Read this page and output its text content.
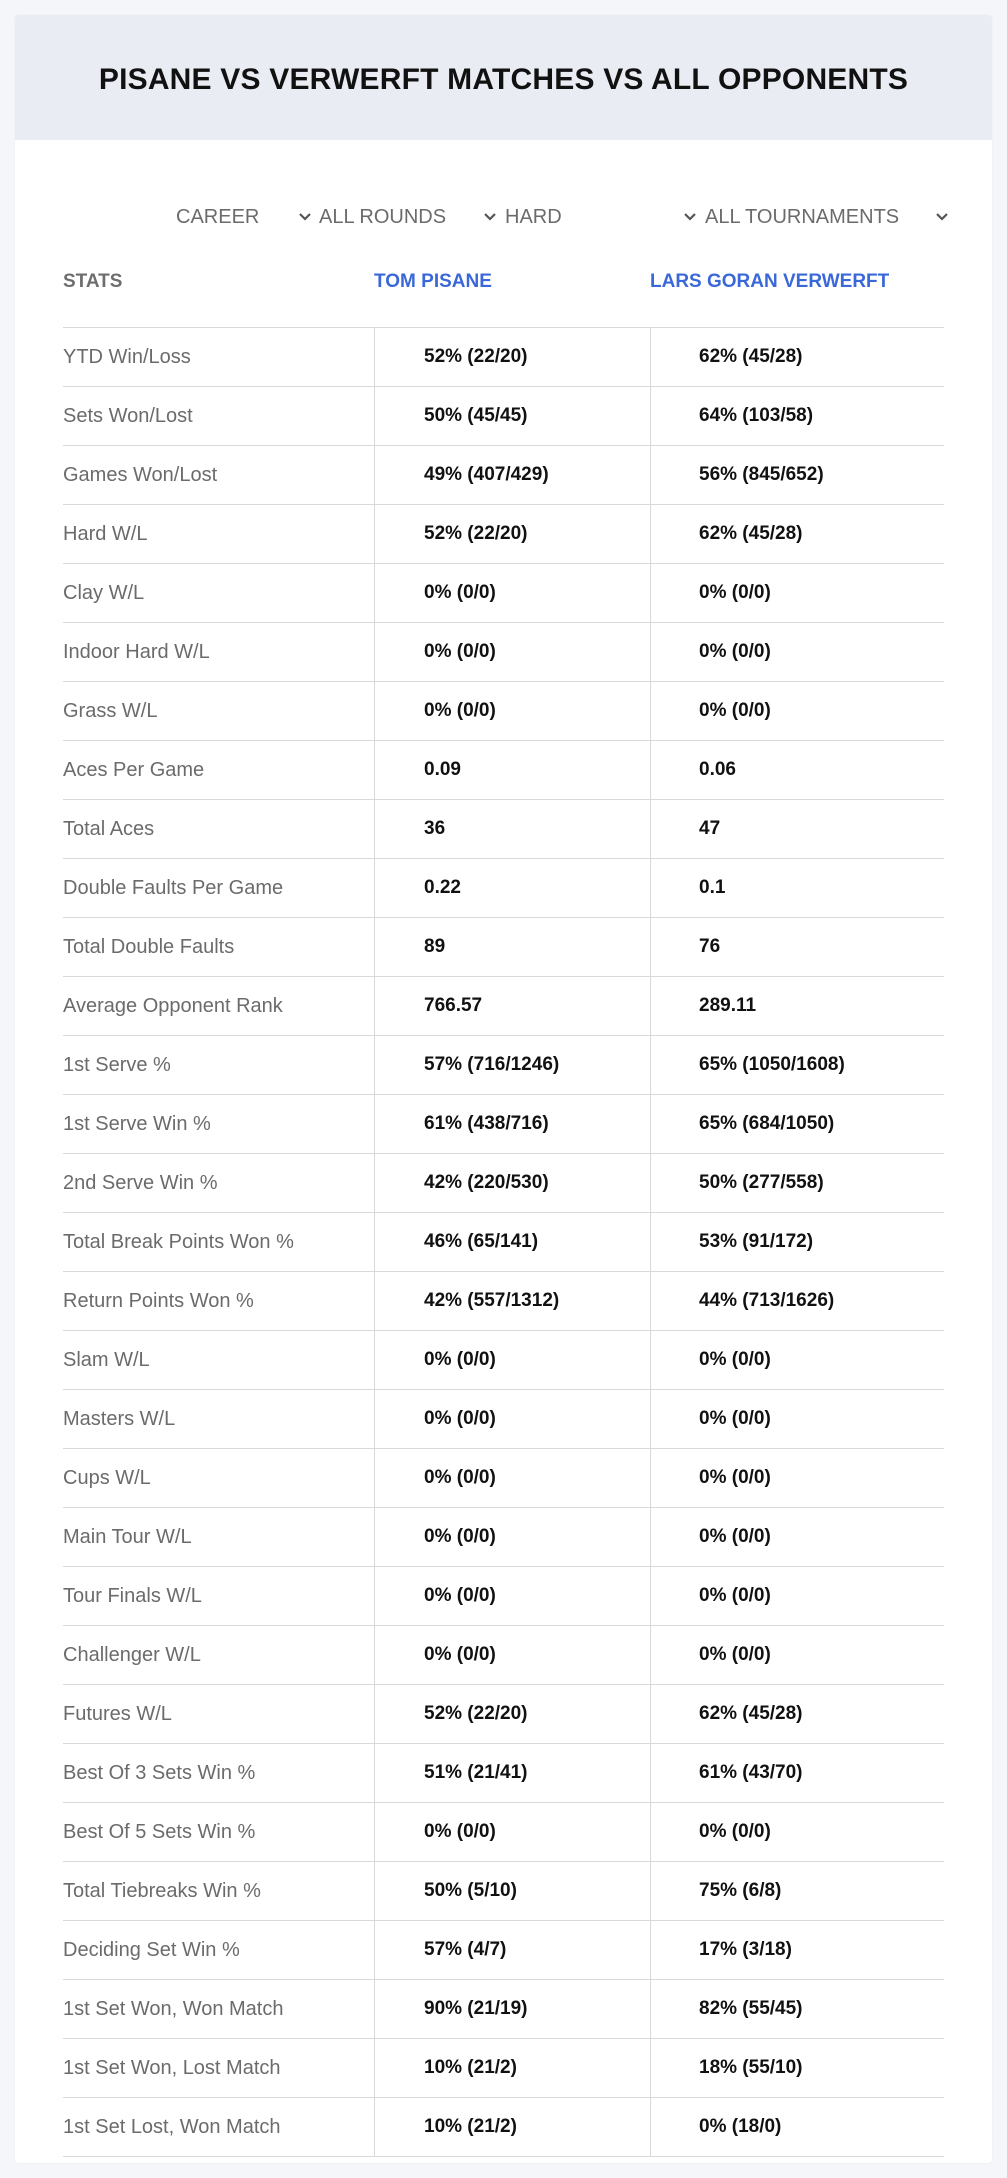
PISANE VS VERWERFT MATCHES VS ALL OPPONENTS
CAREER	ALL ROUNDS	HARD	ALL TOURNAMENTS
STATS	TOM PISANE	LARS GORAN VERWERFT
YTD Win/Loss	52% (22/20)	62% (45/28)
Sets Won/Lost	50% (45/45)	64% (103/58)
Games Won/Lost	49% (407/429)	56% (845/652)
Hard W/L	52% (22/20)	62% (45/28)
Clay W/L	0% (0/0)	0% (0/0)
Indoor Hard W/L	0% (0/0)	0% (0/0)
Grass W/L	0% (0/0)	0% (0/0)
Aces Per Game	0.09	0.06
Total Aces	36	47
Double Faults Per Game	0.22	0.1
Total Double Faults	89	76
Average Opponent Rank	766.57	289.11
1st Serve %	57% (716/1246)	65% (1050/1608)
1st Serve Win %	61% (438/716)	65% (684/1050)
2nd Serve Win %	42% (220/530)	50% (277/558)
Total Break Points Won %	46% (65/141)	53% (91/172)
Return Points Won %	42% (557/1312)	44% (713/1626)
Slam W/L	0% (0/0)	0% (0/0)
Masters W/L	0% (0/0)	0% (0/0)
Cups W/L	0% (0/0)	0% (0/0)
Main Tour W/L	0% (0/0)	0% (0/0)
Tour Finals W/L	0% (0/0)	0% (0/0)
Challenger W/L	0% (0/0)	0% (0/0)
Futures W/L	52% (22/20)	62% (45/28)
Best Of 3 Sets Win %	51% (21/41)	61% (43/70)
Best Of 5 Sets Win %	0% (0/0)	0% (0/0)
Total Tiebreaks Win %	50% (5/10)	75% (6/8)
Deciding Set Win %	57% (4/7)	17% (3/18)
1st Set Won, Won Match	90% (21/19)	82% (55/45)
1st Set Won, Lost Match	10% (21/2)	18% (55/10)
1st Set Lost, Won Match	10% (21/2)	0% (18/0)
